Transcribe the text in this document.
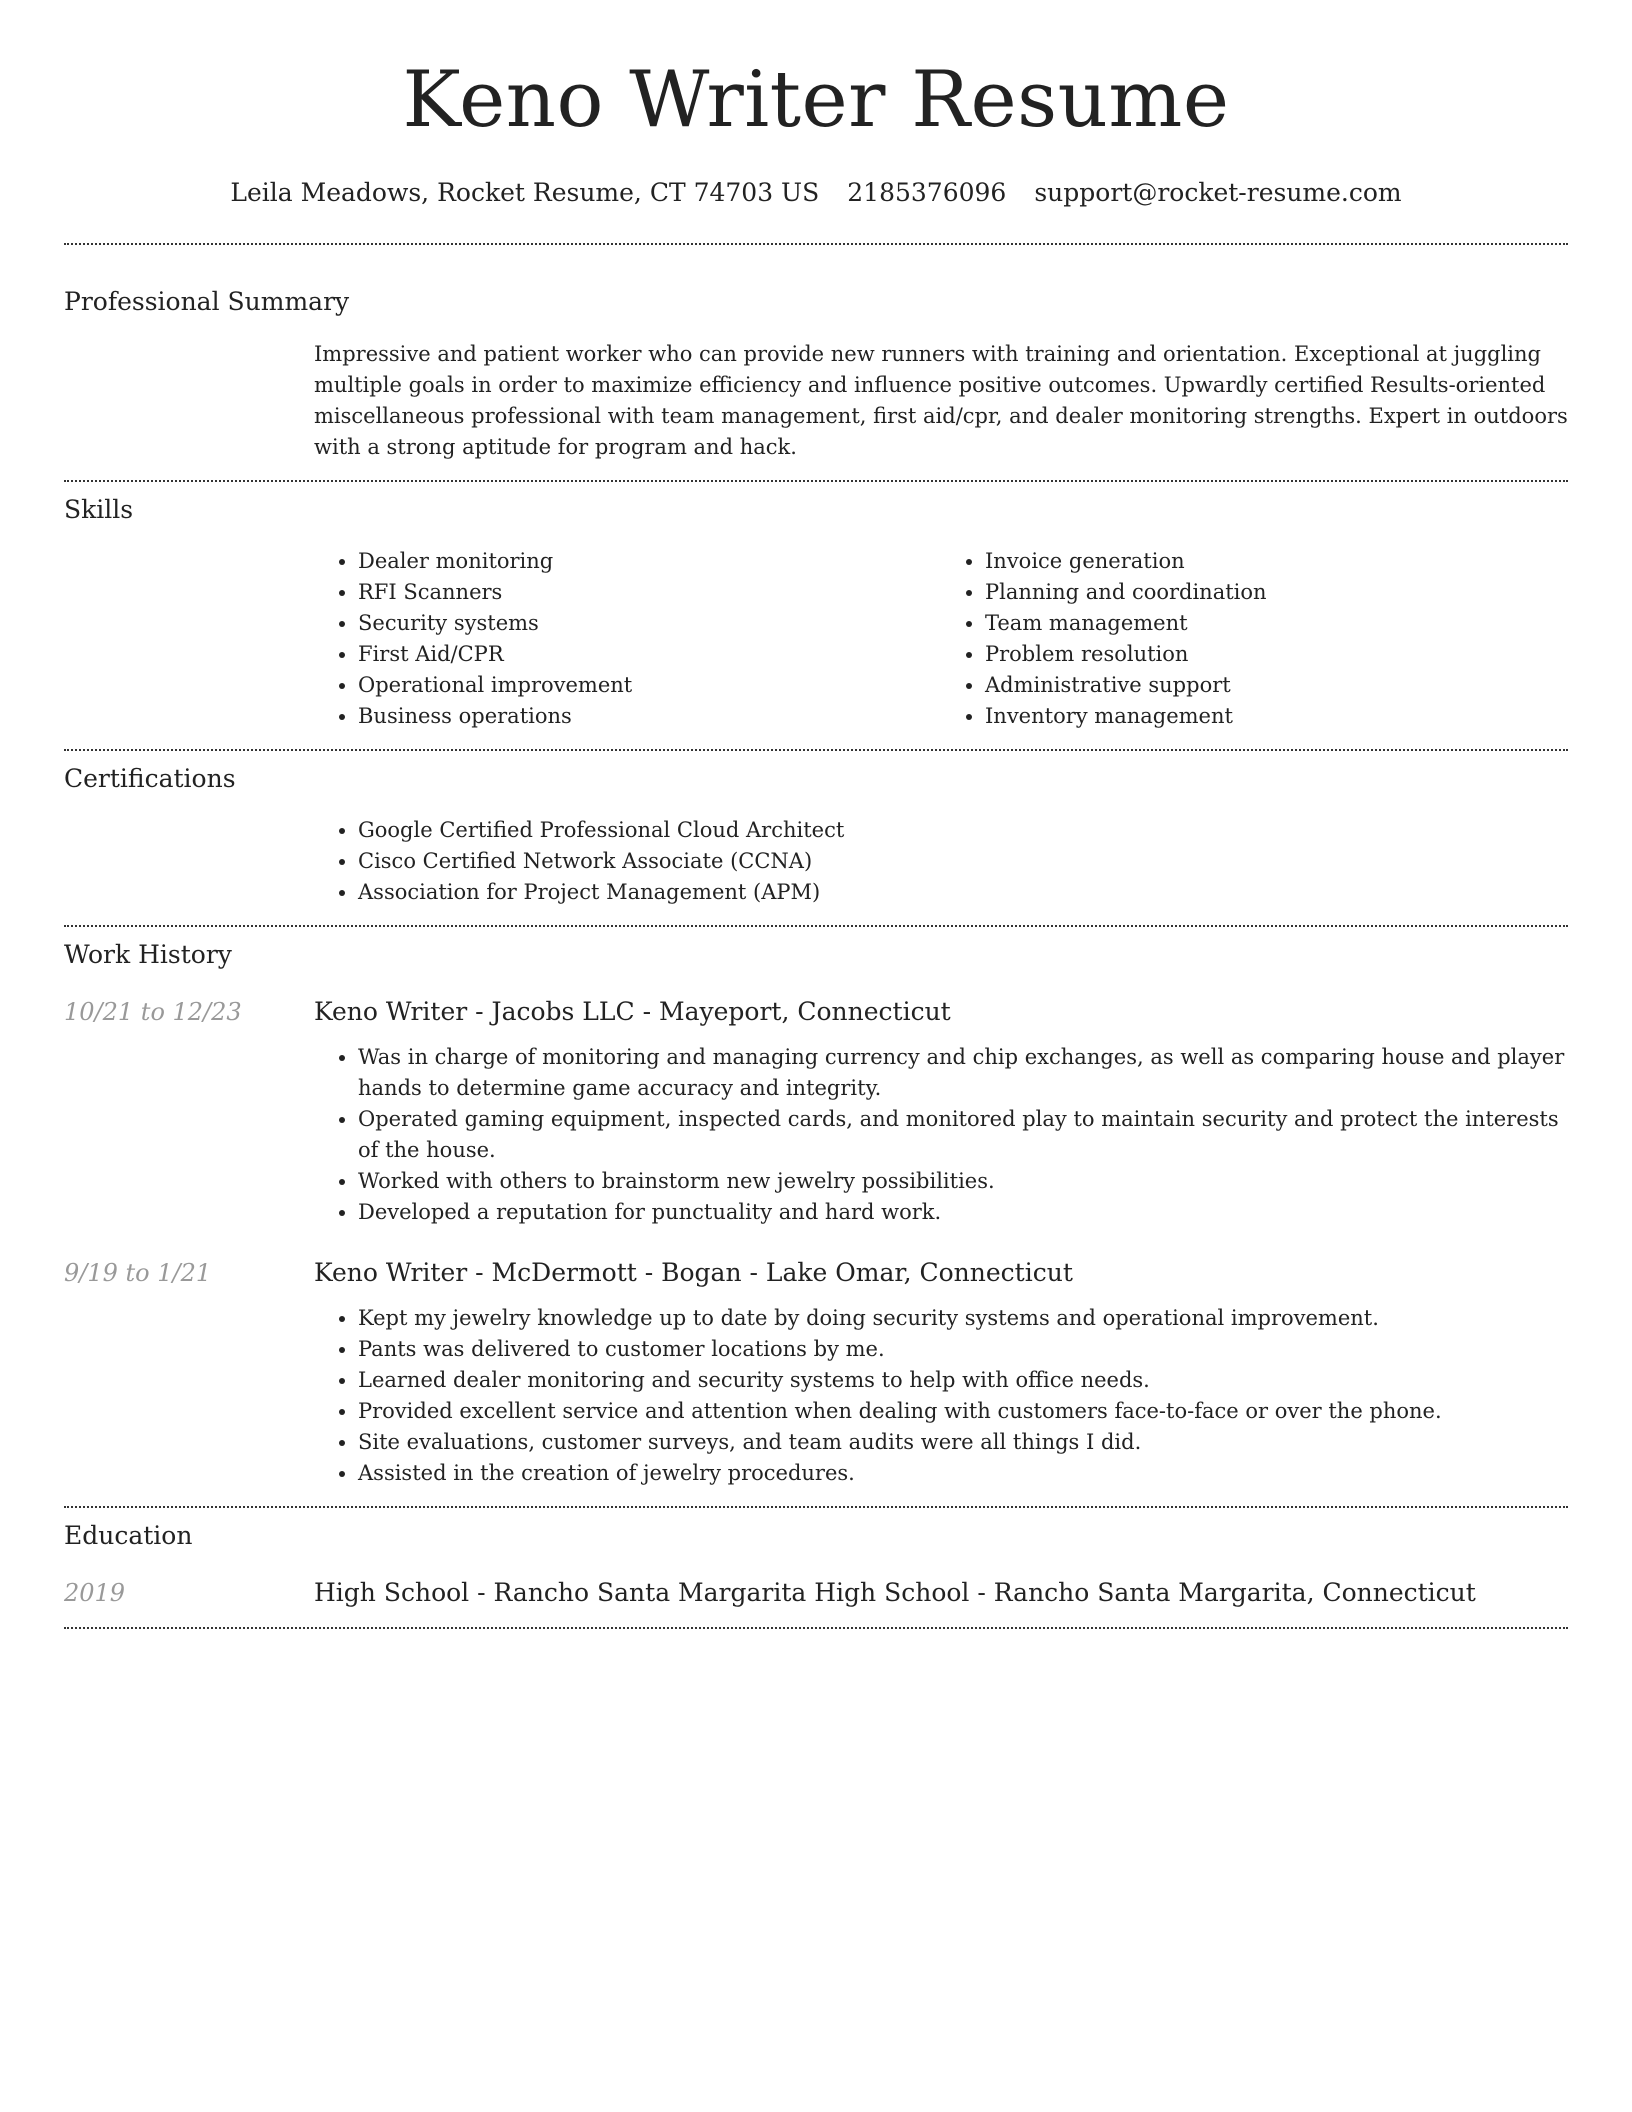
Keno Writer Resume
Leila Meadows, Rocket Resume, CT 74703 US 2185376096 support@rocket-resume.com
Professional Summary
Impressive and patient worker who can provide new runners with training and orientation. Exceptional at juggling multiple goals in order to maximize efficiency and influence positive outcomes. Upwardly certified Results-oriented miscellaneous professional with team management, first aid/cpr, and dealer monitoring strengths. Expert in outdoors with a strong aptitude for program and hack.
Skills
• Dealer monitoring
• RFI Scanners
• Security systems
• First Aid/CPR
• Operational improvement
• Business operations
• Invoice generation
• Planning and coordination
• Team management
• Problem resolution
• Administrative support
• Inventory management
Certifications
• Google Certified Professional Cloud Architect
• Cisco Certified Network Associate (CCNA)
• Association for Project Management (APM)
Work History
10/21 to 12/23	Keno Writer - Jacobs LLC - Mayeport, Connecticut
• Was in charge of monitoring and managing currency and chip exchanges, as well as comparing house and player hands to determine game accuracy and integrity.
• Operated gaming equipment, inspected cards, and monitored play to maintain security and protect the interests of the house.
• Worked with others to brainstorm new jewelry possibilities.
• Developed a reputation for punctuality and hard work.
9/19 to 1/21	Keno Writer - McDermott - Bogan - Lake Omar, Connecticut
• Kept my jewelry knowledge up to date by doing security systems and operational improvement.
• Pants was delivered to customer locations by me.
• Learned dealer monitoring and security systems to help with office needs.
• Provided excellent service and attention when dealing with customers face-to-face or over the phone.
• Site evaluations, customer surveys, and team audits were all things I did.
• Assisted in the creation of jewelry procedures.
Education
2019	High School - Rancho Santa Margarita High School - Rancho Santa Margarita, Connecticut
